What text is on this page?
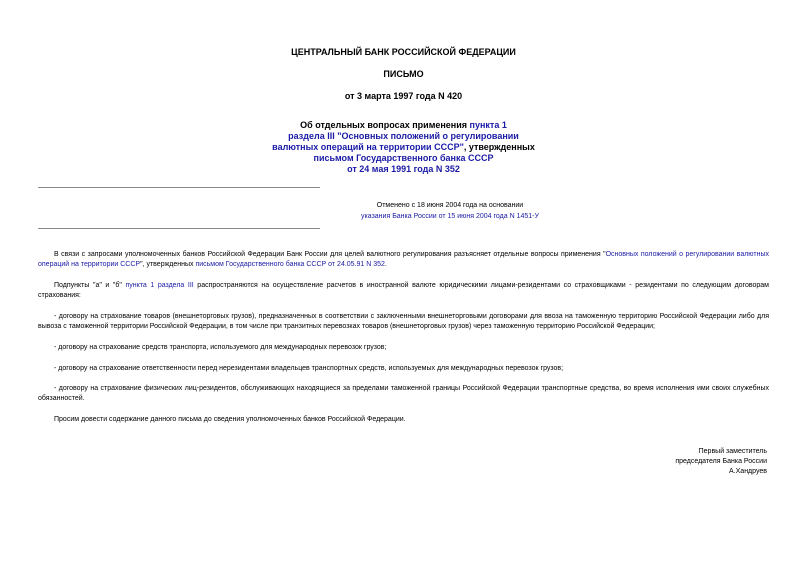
ЦЕНТРАЛЬНЫЙ БАНК РОССИЙСКОЙ ФЕДЕРАЦИИ
ПИСЬМО
от 3 марта 1997 года N 420
Об отдельных вопросах применения пункта 1
раздела III "Основных положений о регулировании
валютных операций на территории СССР", утвержденных
письмом Государственного банка СССР
от 24 мая 1991 года N 352
Отменено с 18 июня 2004 года на основании
указания Банка России от 15 июня 2004 года N 1451-У
В связи с запросами уполномоченных банков Российской Федерации Банк России для целей валютного регулирования разъясняет отдельные вопросы применения "Основных положений о регулировании валютных операций на территории СССР", утвержденных письмом Государственного банка СССР от 24.05.91 N 352.
Подпункты "а" и "б" пункта 1 раздела III распространяются на осуществление расчетов в иностранной валюте юридическими лицами-резидентами со страховщиками - резидентами по следующим договорам страхования:
- договору на страхование товаров (внешнеторговых грузов), предназначенных в соответствии с заключенными внешнеторговыми договорами для ввоза на таможенную территорию Российской Федерации либо для вывоза с таможенной территории Российской Федерации, в том числе при транзитных перевозках товаров (внешнеторговых грузов) через таможенную территорию Российской Федерации;
- договору на страхование средств транспорта, используемого для международных перевозок грузов;
- договору на страхование ответственности перед нерезидентами владельцев транспортных средств, используемых для международных перевозок грузов;
- договору на страхование физических лиц-резидентов, обслуживающих находящиеся за пределами таможенной границы Российской Федерации транспортные средства, во время исполнения ими своих служебных обязанностей.
Просим довести содержание данного письма до сведения уполномоченных банков Российской Федерации.
Первый заместитель
председателя Банка России
А.Хандруев
